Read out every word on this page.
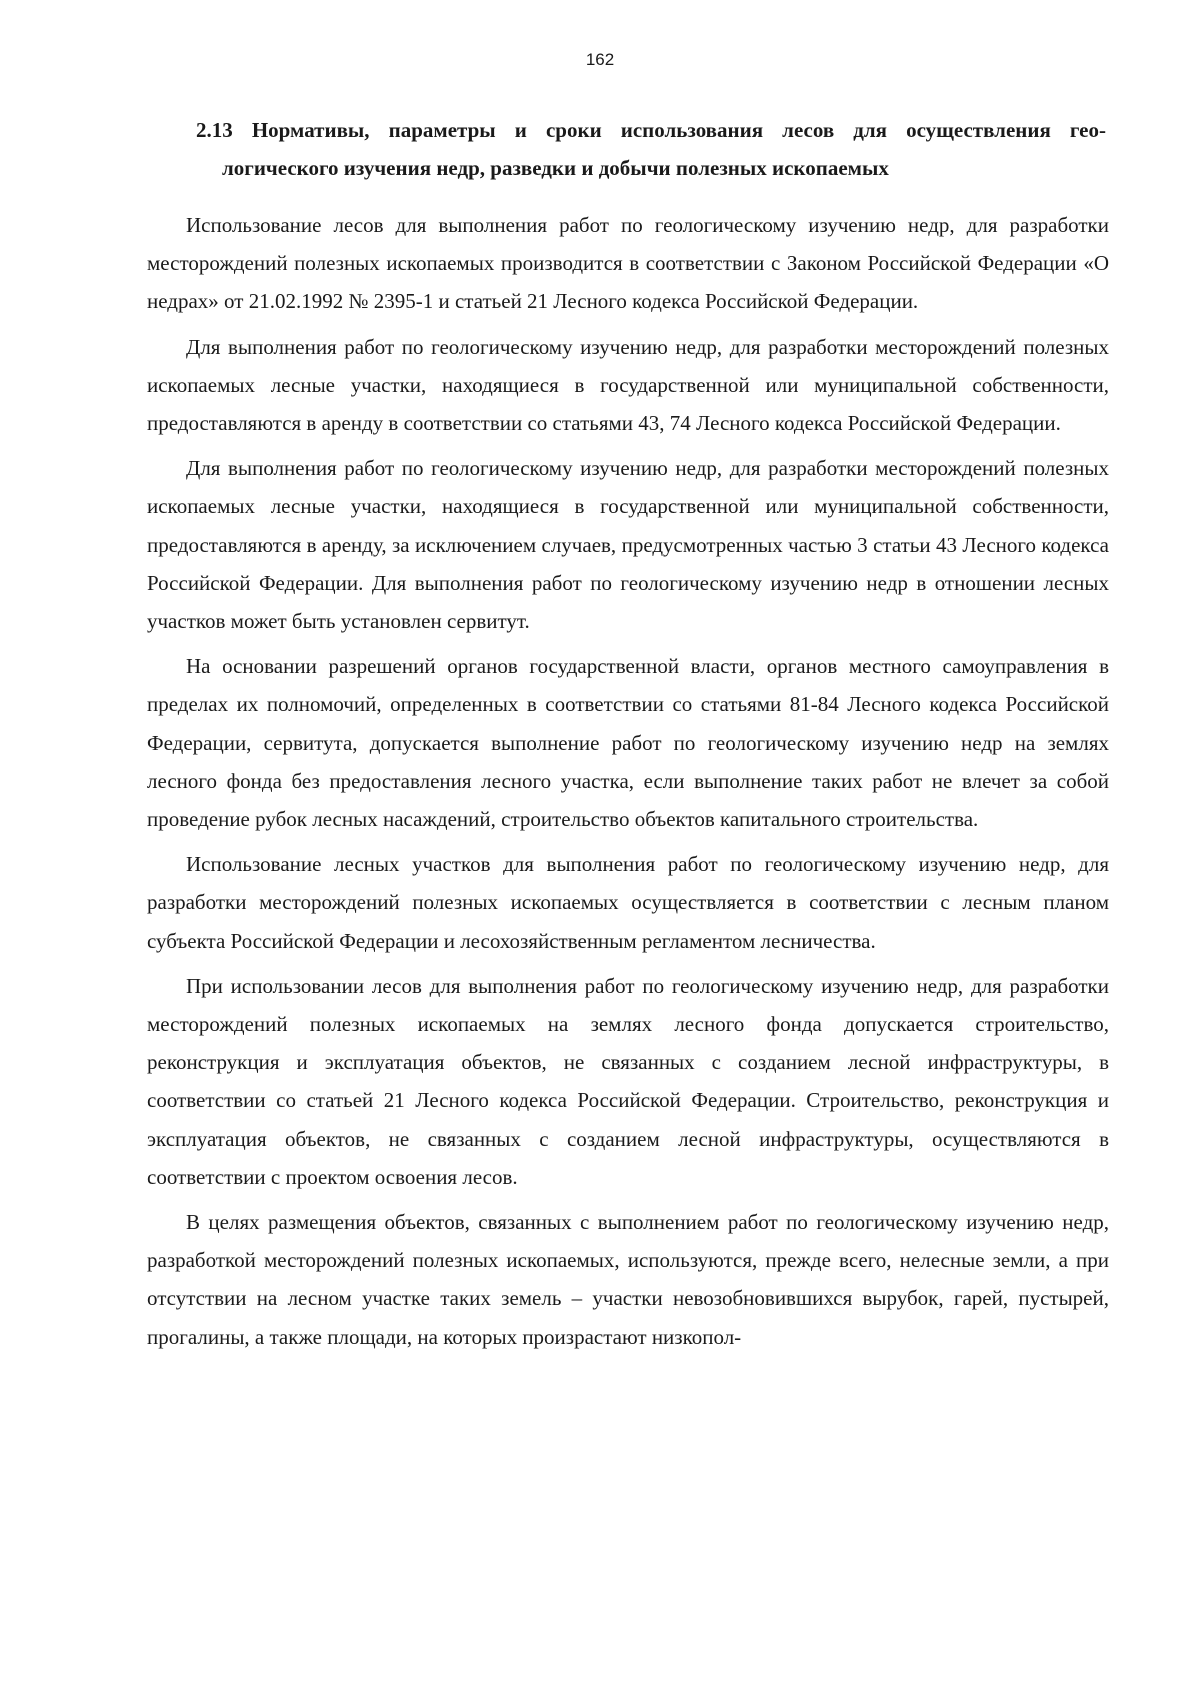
162
2.13 Нормативы, параметры и сроки использования лесов для осуществления гео-
логического изучения недр, разведки и добычи полезных ископаемых

Использование лесов для выполнения работ по геологическому изучению недр, для разработки месторождений полезных ископаемых производится в соответствии с Законом Российской Федерации «О недрах» от 21.02.1992 № 2395-1 и статьей 21 Лесного кодекса Российской Федерации.

Для выполнения работ по геологическому изучению недр, для разработки месторождений полезных ископаемых лесные участки, находящиеся в государственной или муниципальной собственности, предоставляются в аренду в соответствии со статьями 43, 74 Лесного кодекса Российской Федерации.

Для выполнения работ по геологическому изучению недр, для разработки месторождений полезных ископаемых лесные участки, находящиеся в государственной или муниципальной собственности, предоставляются в аренду, за исключением случаев, предусмотренных частью 3 статьи 43 Лесного кодекса Российской Федерации. Для выполнения работ по геологическому изучению недр в отношении лесных участков может быть установлен сервитут.

На основании разрешений органов государственной власти, органов местного самоуправления в пределах их полномочий, определенных в соответствии со статьями 81-84 Лесного кодекса Российской Федерации, сервитута, допускается выполнение работ по геологическому изучению недр на землях лесного фонда без предоставления лесного участка, если выполнение таких работ не влечет за собой проведение рубок лесных насаждений, строительство объектов капитального строительства.

Использование лесных участков для выполнения работ по геологическому изучению недр, для разработки месторождений полезных ископаемых осуществляется в соответствии с лесным планом субъекта Российской Федерации и лесохозяйственным регламентом лесничества.

При использовании лесов для выполнения работ по геологическому изучению недр, для разработки месторождений полезных ископаемых на землях лесного фонда допускается строительство, реконструкция и эксплуатация объектов, не связанных с созданием лесной инфраструктуры, в соответствии со статьей 21 Лесного кодекса Российской Федерации. Строительство, реконструкция и эксплуатация объектов, не связанных с созданием лесной инфраструктуры, осуществляются в соответствии с проектом освоения лесов.

В целях размещения объектов, связанных с выполнением работ по геологическому изучению недр, разработкой месторождений полезных ископаемых, используются, прежде всего, нелесные земли, а при отсутствии на лесном участке таких земель – участки невозобновившихся вырубок, гарей, пустырей, прогалины, а также площади, на которых произрастают низкопол-
